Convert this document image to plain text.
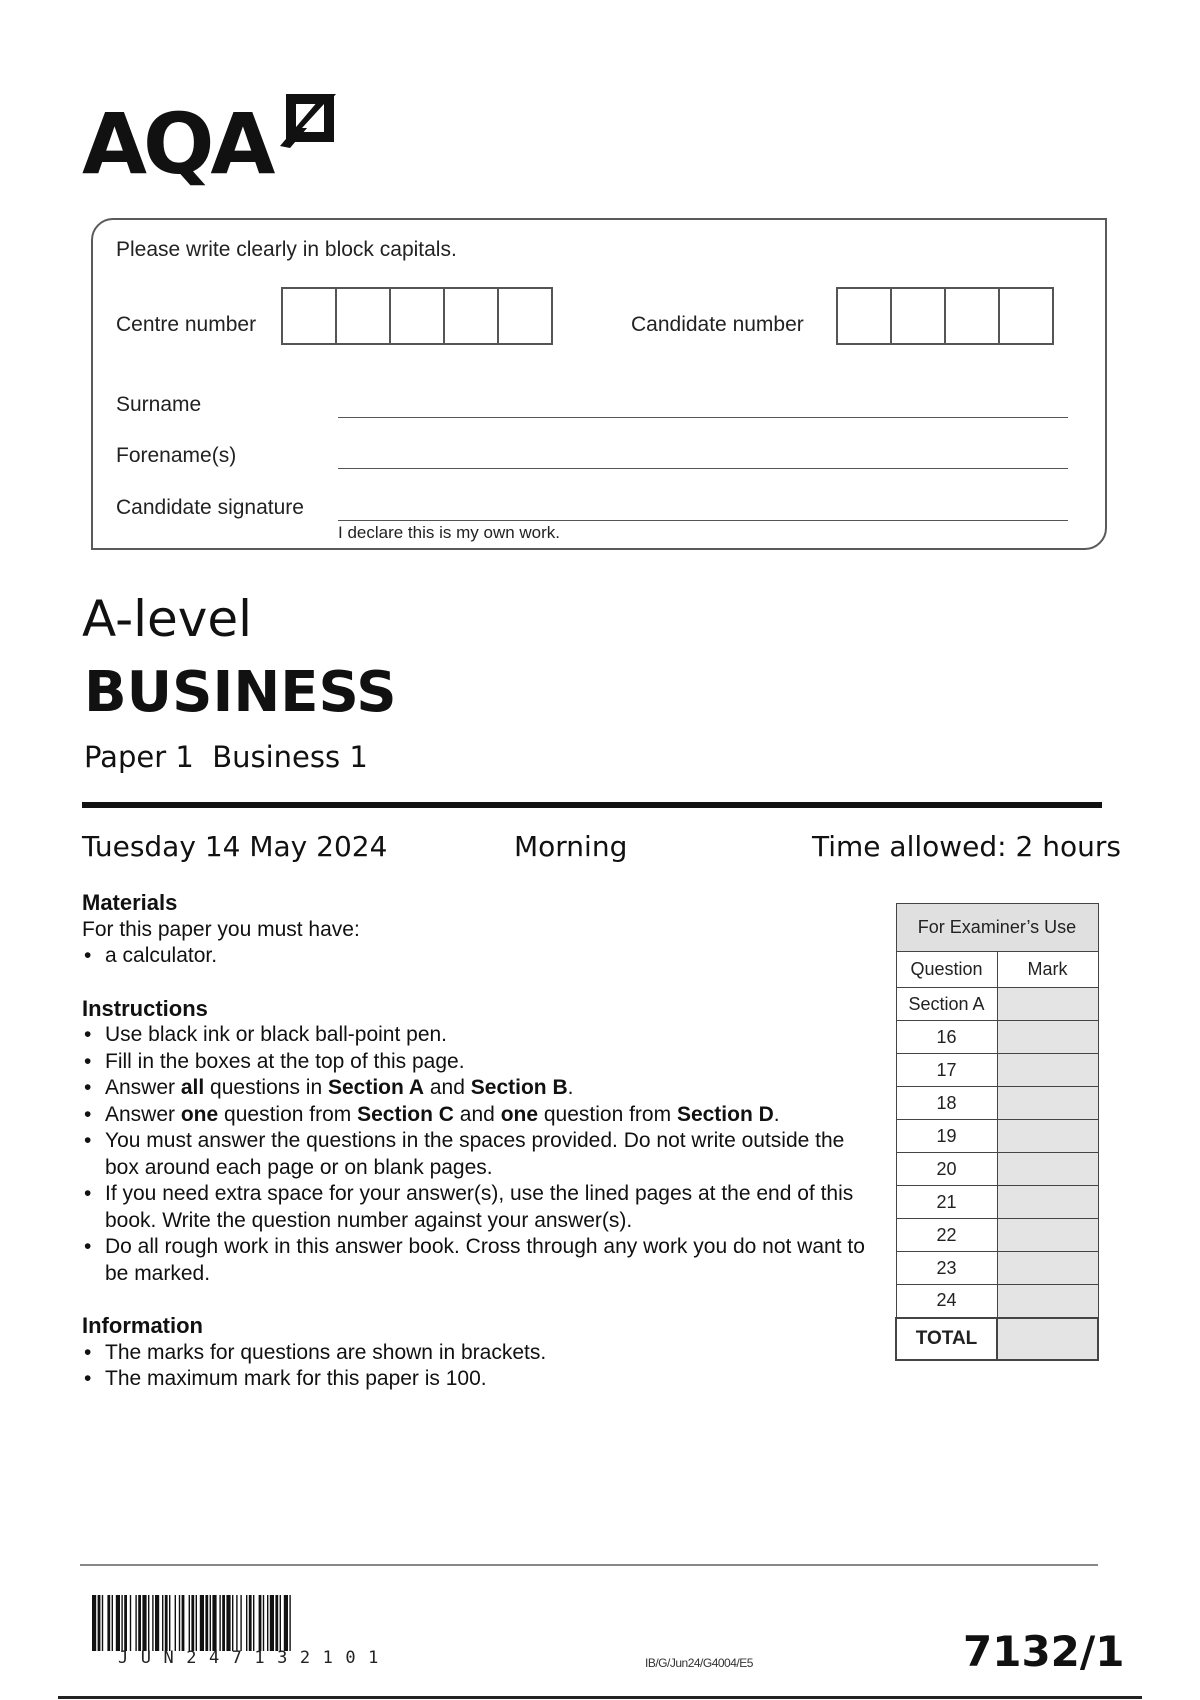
AQA
Please write clearly in block capitals.
Centre number	Candidate number
Surname
Forename(s)
Candidate signature
I declare this is my own work.
A-level
BUSINESS
Paper 1  Business 1
Tuesday 14 May 2024	Morning	Time allowed: 2 hours
Materials
For this paper you must have:
• a calculator.
Instructions
• Use black ink or black ball-point pen.
• Fill in the boxes at the top of this page.
• Answer all questions in Section A and Section B.
• Answer one question from Section C and one question from Section D.
• You must answer the questions in the spaces provided. Do not write outside the box around each page or on blank pages.
• If you need extra space for your answer(s), use the lined pages at the end of this book. Write the question number against your answer(s).
• Do all rough work in this answer book. Cross through any work you do not want to be marked.
Information
• The marks for questions are shown in brackets.
• The maximum mark for this paper is 100.
For Examiner’s Use	
Question	Mark
Section A	
16	
17	
18	
19	
20	
21	
22	
23	
24	
TOTAL	
JUN247132101	IB/G/Jun24/G4004/E5	7132/1
